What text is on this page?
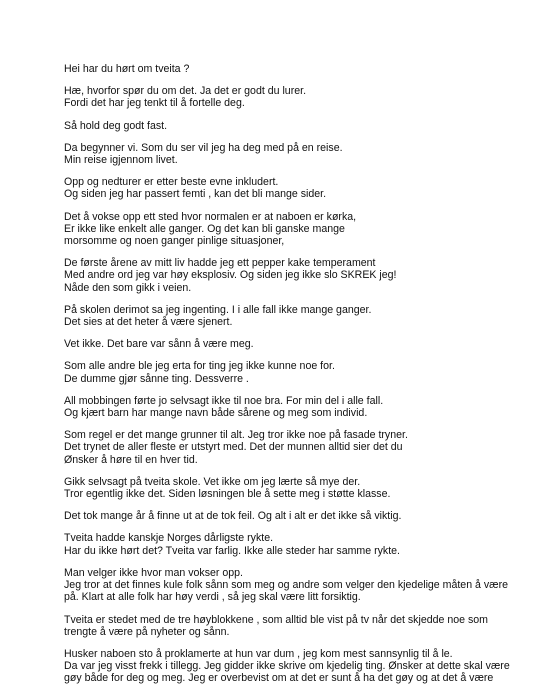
Hei har du hørt om tveita ?
Hæ, hvorfor spør du om det. Ja det er godt du lurer.
Fordi det har jeg tenkt til å fortelle deg.
Så hold deg godt fast.
Da begynner vi. Som du ser vil jeg ha deg med på en reise.
Min reise igjennom livet.
Opp og nedturer er etter beste evne inkludert.
Og siden jeg har passert femti , kan det bli mange sider.
Det å vokse opp ett sted hvor normalen er at naboen er kørka,
Er ikke like enkelt alle ganger. Og det kan bli ganske mange
morsomme og noen ganger pinlige situasjoner,
De første årene av mitt liv hadde jeg ett pepper kake temperament
Med andre ord jeg var høy eksplosiv. Og siden jeg ikke slo SKREK jeg!
Nåde den som gikk i veien.
På skolen derimot sa jeg ingenting. I i alle fall ikke mange ganger.
Det sies at det heter å være sjenert.
Vet ikke. Det bare var sånn å være meg.
Som alle andre ble jeg erta for ting jeg ikke kunne noe for.
De dumme gjør sånne ting. Dessverre .
All mobbingen førte jo selvsagt ikke til noe bra. For min del i alle fall.
Og kjært barn har mange navn både sårene og meg som individ.
Som regel er det mange grunner til alt. Jeg tror ikke noe på fasade tryner.
Det trynet de aller fleste er utstyrt med. Det der munnen alltid sier det du
Ønsker å høre til en hver tid.
Gikk selvsagt på tveita skole. Vet ikke om jeg lærte så mye der.
Tror egentlig ikke det. Siden løsningen ble å sette meg i støtte klasse.
Det tok mange år å finne ut at de tok feil. Og alt i alt er det ikke så viktig.
Tveita hadde kanskje Norges dårligste rykte.
Har du ikke hørt det? Tveita var farlig. Ikke alle steder har samme rykte.
Man velger ikke hvor man vokser opp.
Jeg tror at det finnes kule folk sånn som meg og andre som velger den kjedelige måten å være
på. Klart at alle folk har høy verdi , så jeg skal være litt forsiktig.
Tveita er stedet med de tre høyblokkene , som alltid ble vist på tv når det skjedde noe som
trengte å være på nyheter og sånn.
Husker naboen sto å proklamerte at hun var dum , jeg kom mest sannsynlig til å le.
Da var jeg visst frekk i tillegg. Jeg gidder ikke skrive om kjedelig ting. Ønsker at dette skal være
gøy både for deg og meg. Jeg er overbevist om at det er sunt å ha det gøy og at det å være
